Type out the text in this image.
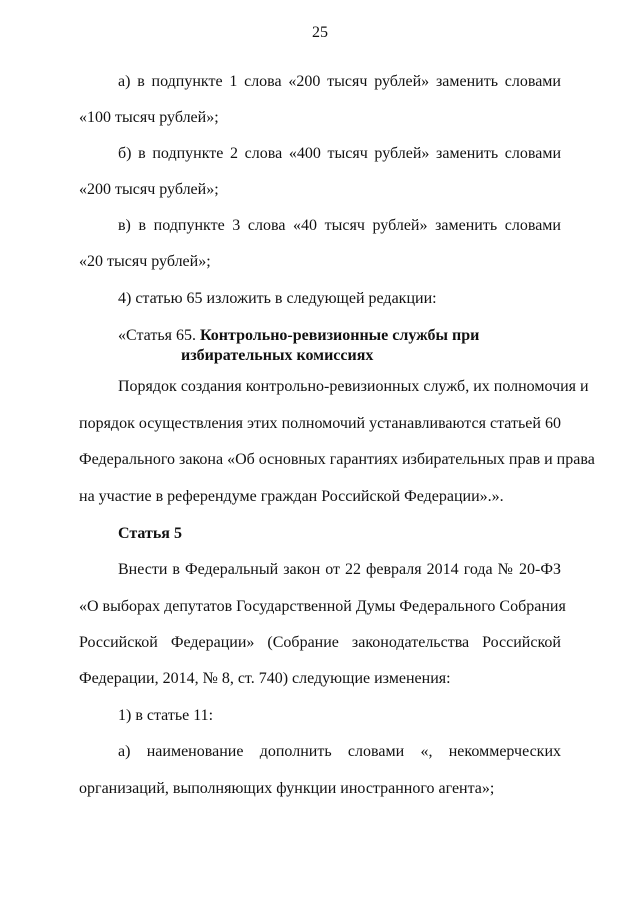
25
а) в подпункте 1 слова «200 тысяч рублей» заменить словами
«100 тысяч рублей»;
б) в подпункте 2 слова «400 тысяч рублей» заменить словами
«200 тысяч рублей»;
в) в подпункте 3 слова «40 тысяч рублей» заменить словами
«20 тысяч рублей»;
4) статью 65 изложить в следующей редакции:
«Статья 65. Контрольно-ревизионные службы при
избирательных комиссиях
Порядок создания контрольно-ревизионных служб, их полномочия и
порядок осуществления этих полномочий устанавливаются статьей 60
Федерального закона «Об основных гарантиях избирательных прав и права
на участие в референдуме граждан Российской Федерации».».
Статья 5
Внести в Федеральный закон от 22 февраля 2014 года № 20-ФЗ
«О выборах депутатов Государственной Думы Федерального Собрания
Российской Федерации» (Собрание законодательства Российской
Федерации, 2014, № 8, ст. 740) следующие изменения:
1) в статье 11:
а) наименование дополнить словами «, некоммерческих
организаций, выполняющих функции иностранного агента»;
